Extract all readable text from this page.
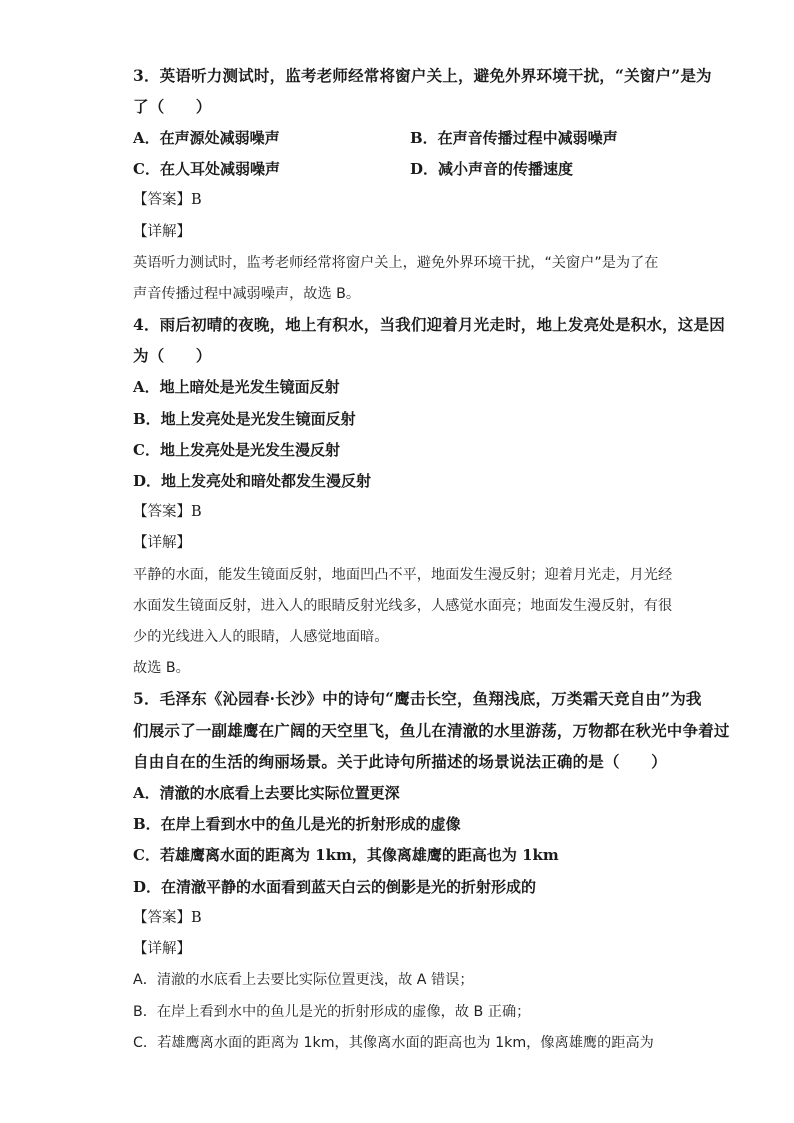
3．英语听力测试时，监考老师经常将窗户关上，避免外界环境干扰，“关窗户”是为
了（　　）
A．在声源处减弱噪声	B．在声音传播过程中减弱噪声
C．在人耳处减弱噪声	D．减小声音的传播速度
【答案】B
【详解】
英语听力测试时，监考老师经常将窗户关上，避免外界环境干扰，“关窗户”是为了在
声音传播过程中减弱噪声，故选 B。
4．雨后初晴的夜晚，地上有积水，当我们迎着月光走时，地上发亮处是积水，这是因
为（　　）
A．地上暗处是光发生镜面反射
B．地上发亮处是光发生镜面反射
C．地上发亮处是光发生漫反射
D．地上发亮处和暗处都发生漫反射
【答案】B
【详解】
平静的水面，能发生镜面反射，地面凹凸不平，地面发生漫反射；迎着月光走，月光经
水面发生镜面反射，进入人的眼睛反射光线多，人感觉水面亮；地面发生漫反射，有很
少的光线进入人的眼睛，人感觉地面暗。
故选 B。
5．毛泽东《沁园春·长沙》中的诗句“鹰击长空，鱼翔浅底，万类霜天竞自由”为我
们展示了一副雄鹰在广阔的天空里飞，鱼儿在清澈的水里游荡，万物都在秋光中争着过
自由自在的生活的绚丽场景。关于此诗句所描述的场景说法正确的是（　　）
A．清澈的水底看上去要比实际位置更深
B．在岸上看到水中的鱼儿是光的折射形成的虚像
C．若雄鹰离水面的距离为 1km，其像离雄鹰的距高也为 1km
D．在清澈平静的水面看到蓝天白云的倒影是光的折射形成的
【答案】B
【详解】
A．清澈的水底看上去要比实际位置更浅，故 A 错误；
B．在岸上看到水中的鱼儿是光的折射形成的虚像，故 B 正确；
C．若雄鹰离水面的距离为 1km，其像离水面的距高也为 1km，像离雄鹰的距高为
